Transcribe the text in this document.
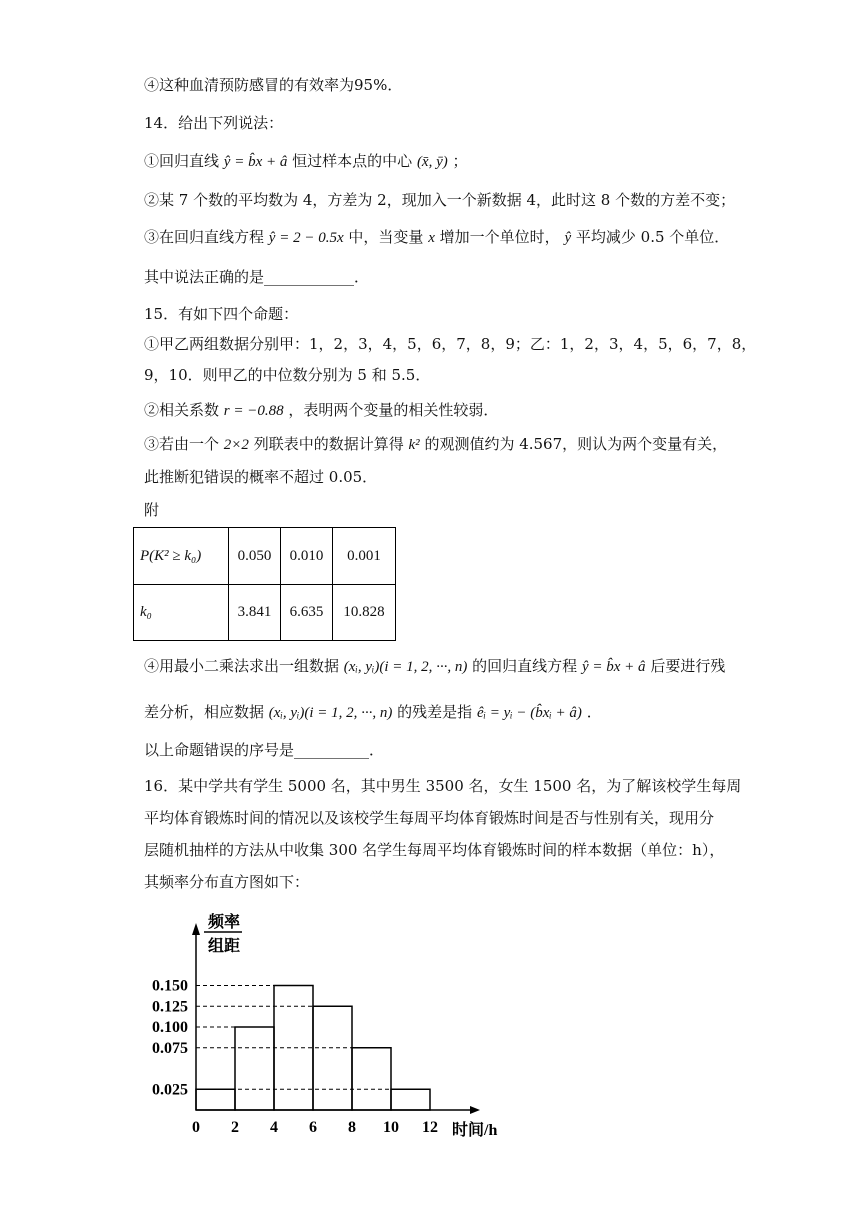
④这种血清预防感冒的有效率为95%．
14．给出下列说法：
①回归直线 ŷ = b̂x + â 恒过样本点的中心 (x̄, ȳ) ；
②某 7 个数的平均数为 4，方差为 2，现加入一个新数据 4，此时这 8 个数的方差不变；
③在回归直线方程 ŷ = 2 − 0.5x 中，当变量 x 增加一个单位时， ŷ 平均减少 0.5 个单位．
其中说法正确的是____________．
15．有如下四个命题：
①甲乙两组数据分别甲：1，2，3，4，5，6，7，8，9；乙：1，2，3，4，5，6，7，8，
9，10．则甲乙的中位数分别为 5 和 5.5．
②相关系数 r = −0.88 ，表明两个变量的相关性较弱．
③若由一个 2×2 列联表中的数据计算得 k² 的观测值约为 4.567，则认为两个变量有关，
此推断犯错误的概率不超过 0.05．
附
P(K² ≥ k₀)	0.050	0.010	0.001
k₀	3.841	6.635	10.828
④用最小二乘法求出一组数据 (xᵢ, yᵢ)(i = 1, 2, ···, n) 的回归直线方程 ŷ = b̂x + â 后要进行残
差分析，相应数据 (xᵢ, yᵢ)(i = 1, 2, ···, n) 的残差是指 êᵢ = yᵢ − (b̂xᵢ + â) ．
以上命题错误的序号是__________．
16．某中学共有学生 5000 名，其中男生 3500 名，女生 1500 名，为了解该校学生每周
平均体育锻炼时间的情况以及该校学生每周平均体育锻炼时间是否与性别有关，现用分
层随机抽样的方法从中收集 300 名学生每周平均体育锻炼时间的样本数据（单位：h），
其频率分布直方图如下：
频率
组距
0 2 4 6 8 10 12
0.150
0.125
0.100
0.075
0.025
时间/h
